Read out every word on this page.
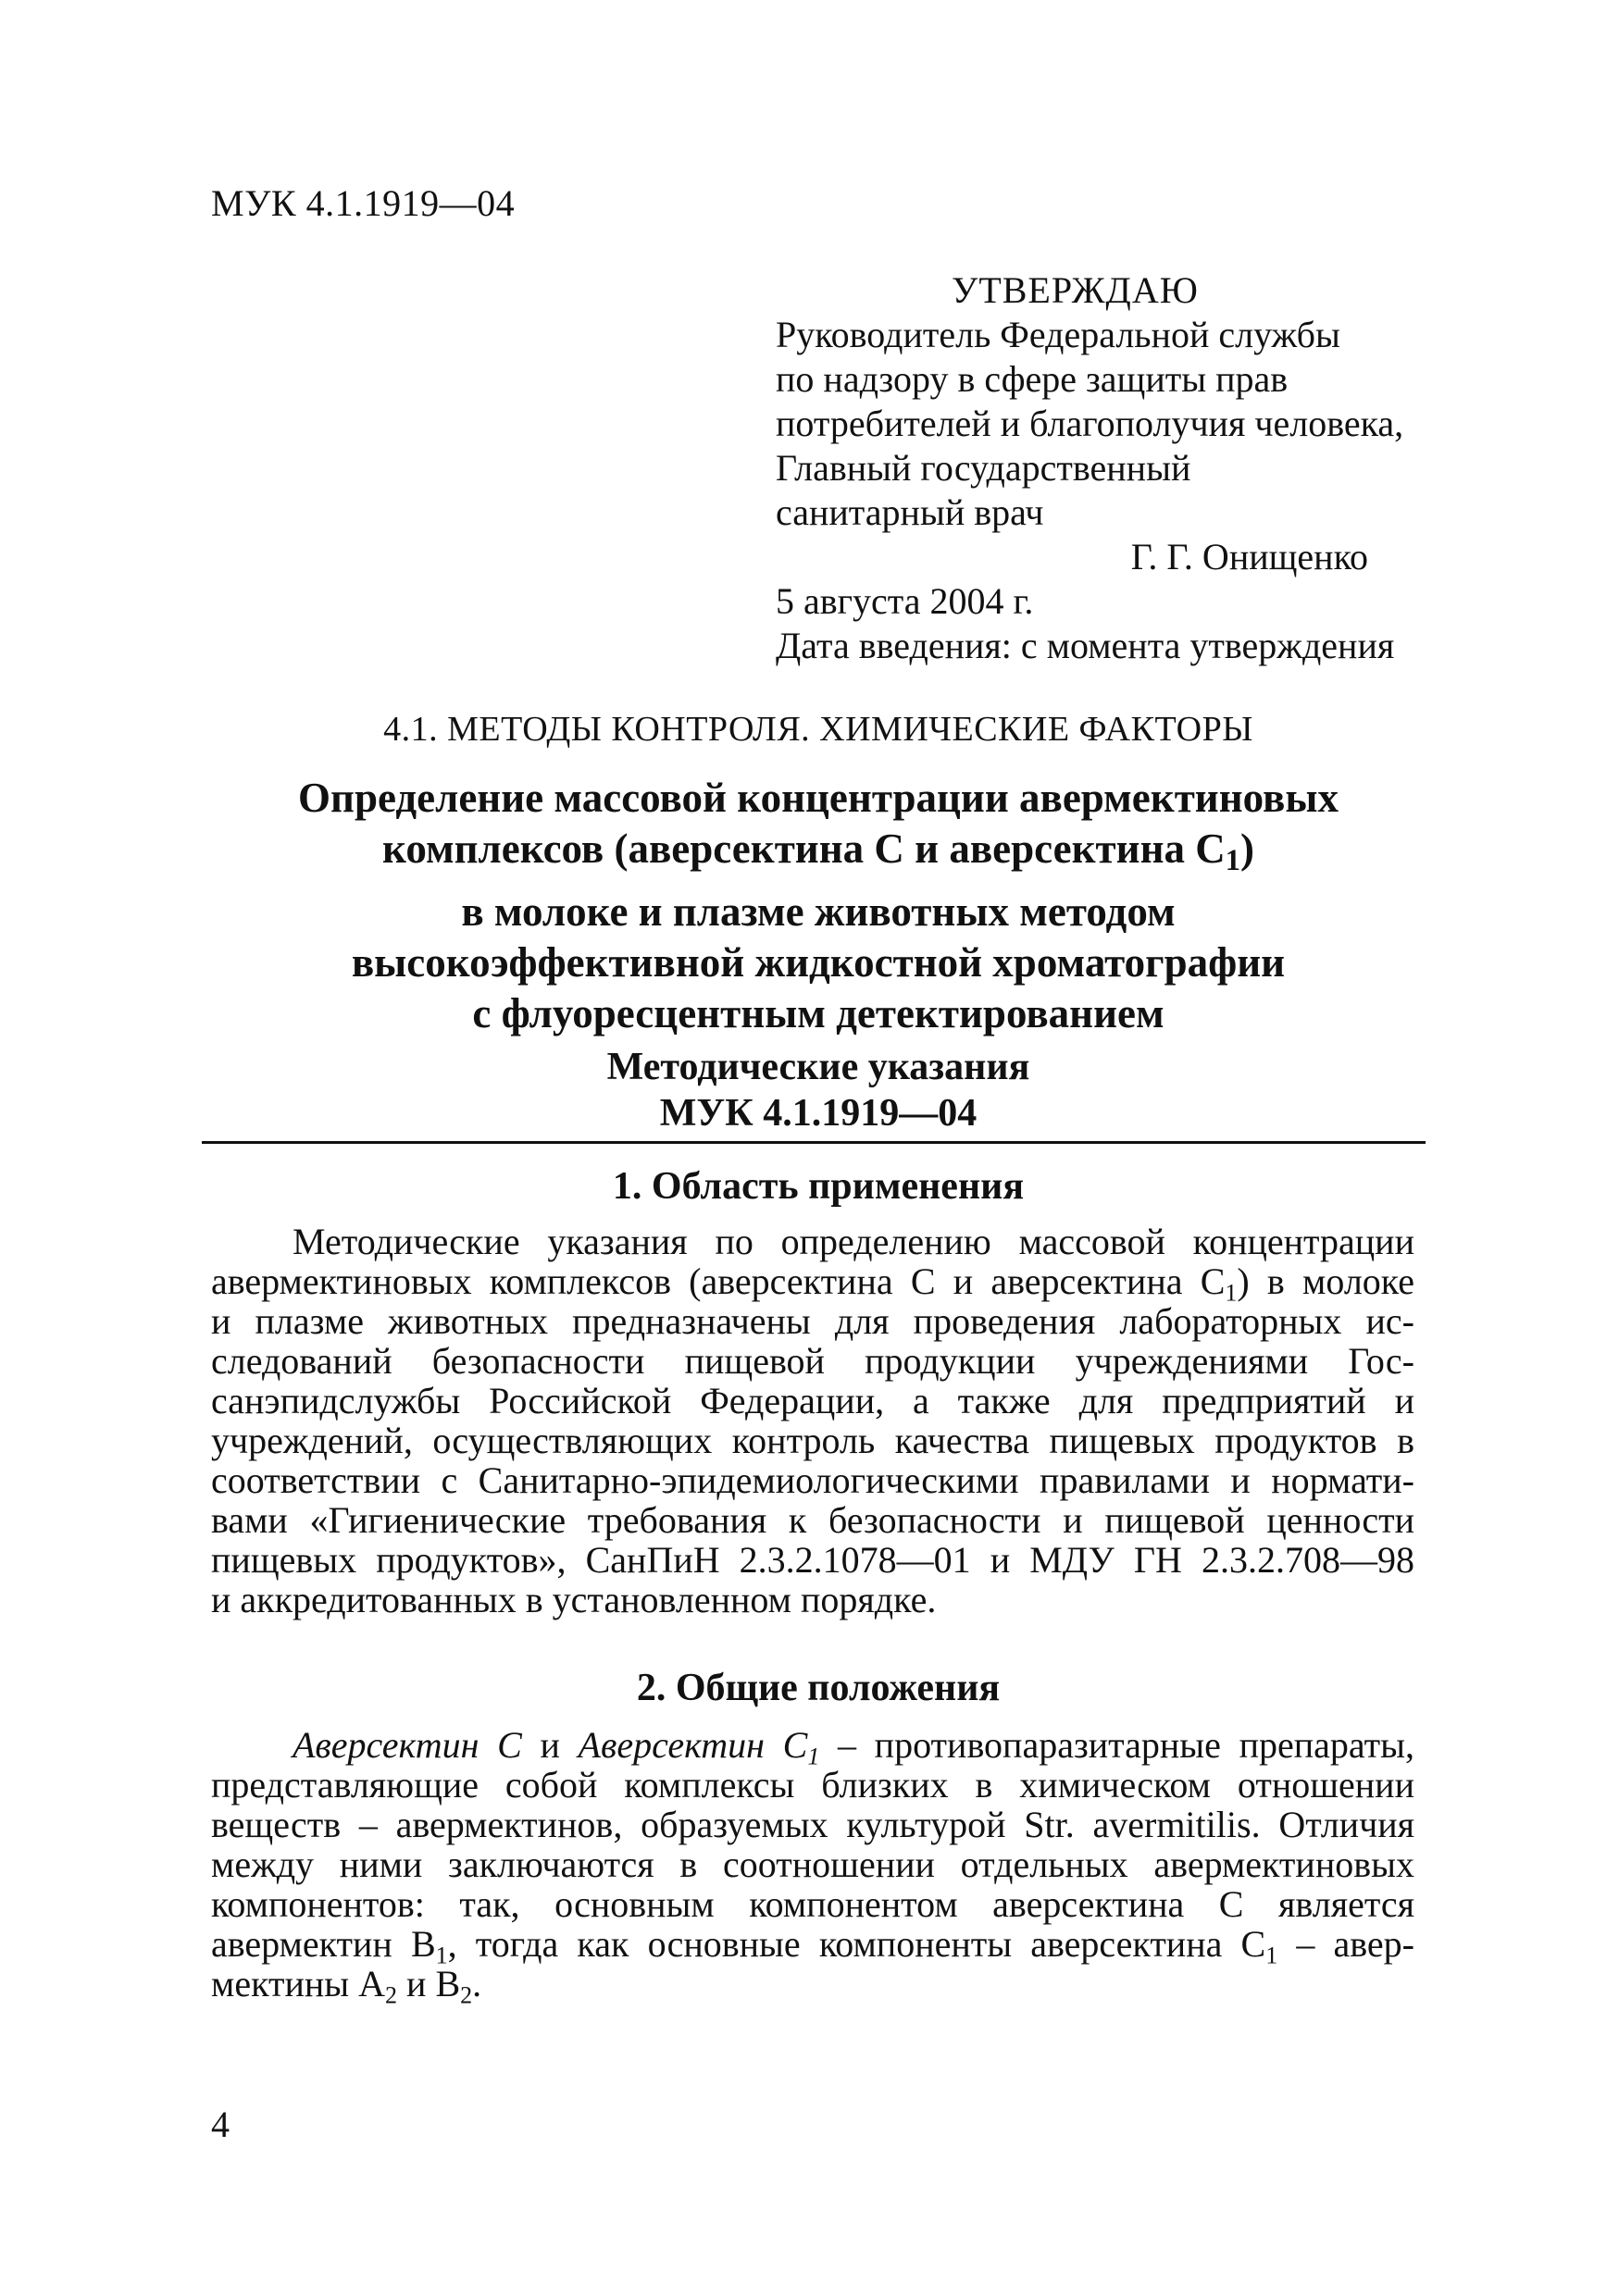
МУК 4.1.1919—04
УТВЕРЖДАЮ
Руководитель Федеральной службы
по надзору в сфере защиты прав
потребителей и благополучия человека,
Главный государственный
санитарный врач
Г. Г. Онищенко
5 августа 2004 г.
Дата введения: с момента утверждения
4.1. МЕТОДЫ КОНТРОЛЯ. ХИМИЧЕСКИЕ ФАКТОРЫ
Определение массовой концентрации авермектиновых
комплексов (аверсектина С и аверсектина $С_1$)
в молоке и плазме животных методом
высокоэффективной жидкостной хроматографии
с флуоресцентным детектированием
Методические указания
МУК 4.1.1919—04
1. Область применения
Методические указания по определению массовой концентрации
авермектиновых комплексов (аверсектина С и аверсектина $С_1$) в молоке
и плазме животных предназначены для проведения лабораторных ис-
следований безопасности пищевой продукции учреждениями Гос-
санэпидслужбы Российской Федерации, а также для предприятий и
учреждений, осуществляющих контроль качества пищевых продуктов в
соответствии с Санитарно-эпидемиологическими правилами и нормати-
вами «Гигиенические требования к безопасности и пищевой ценности
пищевых продуктов», СанПиН 2.3.2.1078—01 и МДУ ГН 2.3.2.708—98
и аккредитованных в установленном порядке.
2. Общие положения
Аверсектин С и Аверсектин $С_1$ – противопаразитарные препараты,
представляющие собой комплексы близких в химическом отношении
веществ – авермектинов, образуемых культурой Str. avermitilis. Отличия
между ними заключаются в соотношении отдельных авермектиновых
компонентов: так, основным компонентом аверсектина С является
авермектин $В_1$, тогда как основные компоненты аверсектина $С_1$ – авер-
мектины $А_2$ и $В_2$.
4
